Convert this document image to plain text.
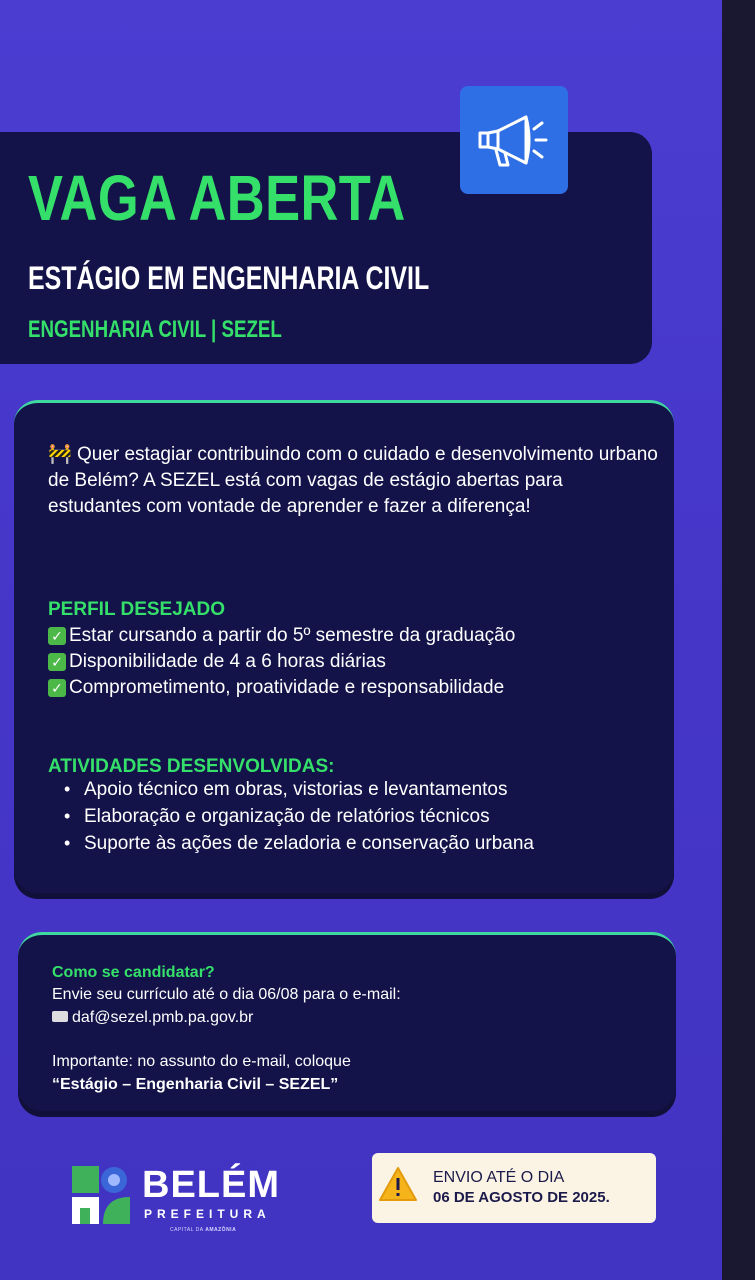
VAGA ABERTA
ESTÁGIO EM ENGENHARIA CIVIL
ENGENHARIA CIVIL | SEZEL
🚧 Quer estagiar contribuindo com o cuidado e desenvolvimento urbano de Belém? A SEZEL está com vagas de estágio abertas para estudantes com vontade de aprender e fazer a diferença!
PERFIL DESEJADO
✓ Estar cursando a partir do 5º semestre da graduação
✓ Disponibilidade de 4 a 6 horas diárias
✓ Comprometimento, proatividade e responsabilidade
ATIVIDADES DESENVOLVIDAS:
• Apoio técnico em obras, vistorias e levantamentos
• Elaboração e organização de relatórios técnicos
• Suporte às ações de zeladoria e conservação urbana
Como se candidatar?
Envie seu currículo até o dia 06/08 para o e-mail:
daf@sezel.pmb.pa.gov.br
Importante: no assunto do e-mail, coloque
“Estágio – Engenharia Civil – SEZEL”
BELÉM
PREFEITURA
CAPITAL DA AMAZÔNIA
ENVIO ATÉ O DIA
06 DE AGOSTO DE 2025.
